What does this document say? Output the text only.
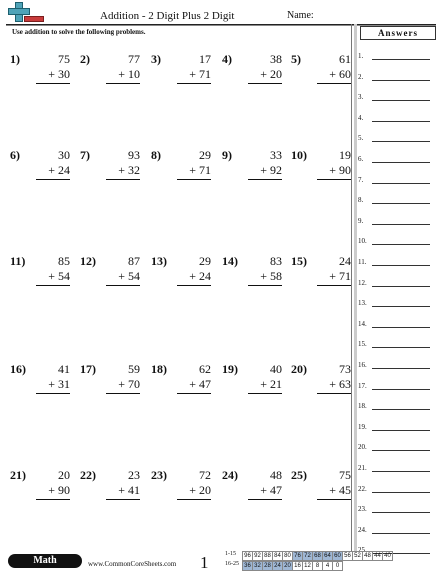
Addition - 2 Digit Plus 2 Digit	Name:
Use addition to solve the following problems.
1)	75
+ 30
2)	77
+ 10
3)	17
+ 71
4)	38
+ 20
5)	61
+ 60
6)	30
+ 24
7)	93
+ 32
8)	29
+ 71
9)	33
+ 92
10)	19
+ 90
11)	85
+ 54
12)	87
+ 54
13)	29
+ 24
14)	83
+ 58
15)	24
+ 71
16)	41
+ 31
17)	59
+ 70
18)	62
+ 47
19)	40
+ 21
20)	73
+ 63
21)	20
+ 90
22)	23
+ 41
23)	72
+ 20
24)	48
+ 47
25)	75
+ 45
Answers
1.
2.
3.
4.
5.
6.
7.
8.
9.
10.
11.
12.
13.
14.
15.
16.
17.
18.
19.
20.
21.
22.
23.
24.
25.
Math	www.CommonCoreSheets.com 1	1-15 96	92	88	84	80	76	72	68	64	60	56	52	48	44	40
16-25 36	32	28	24	20	16	12	8	4	0
